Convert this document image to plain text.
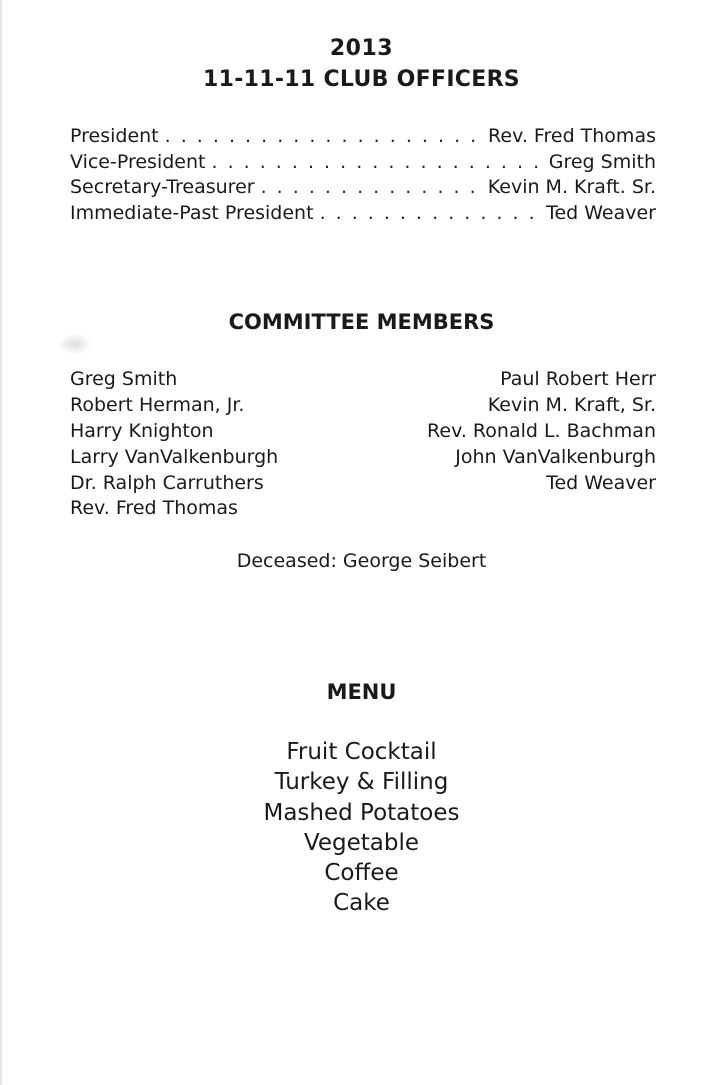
2013
11-11-11 CLUB OFFICERS
President . . .	Rev. Fred Thomas
Vice-President . . .	Greg Smith
Secretary-Treasurer . . .	Kevin M. Kraft. Sr.
Immediate-Past President . . .	Ted Weaver
COMMITTEE MEMBERS
Greg Smith
Robert Herman, Jr.
Harry Knighton
Larry VanValkenburgh
Dr. Ralph Carruthers
Rev. Fred Thomas
Paul Robert Herr
Kevin M. Kraft, Sr.
Rev. Ronald L. Bachman
John VanValkenburgh
Ted Weaver
Deceased: George Seibert
MENU
Fruit Cocktail
Turkey & Filling
Mashed Potatoes
Vegetable
Coffee
Cake
